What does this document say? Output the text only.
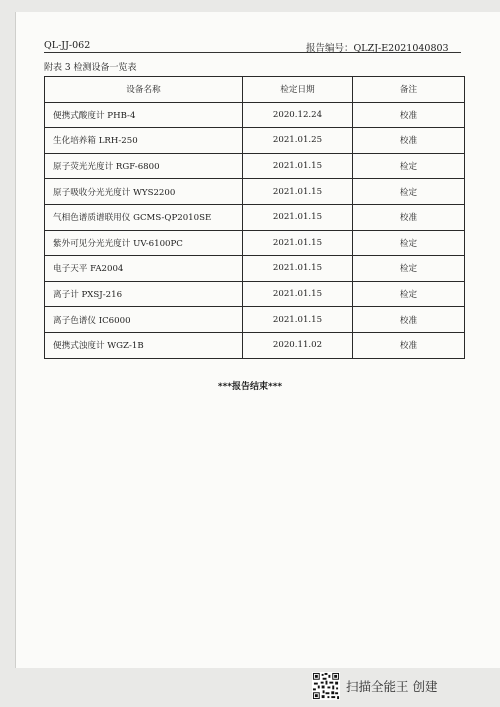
QL-JJ-062	报告编号：QLZJ-E2021040803
附表 3 检测设备一览表
设备名称	检定日期	备注
便携式酸度计 PHB-4	2020.12.24	校准
生化培养箱 LRH-250	2021.01.25	校准
原子荧光光度计 RGF-6800	2021.01.15	检定
原子吸收分光光度计 WYS2200	2021.01.15	检定
气相色谱质谱联用仪 GCMS-QP2010SE	2021.01.15	校准
紫外可见分光光度计 UV-6100PC	2021.01.15	检定
电子天平 FA2004	2021.01.15	检定
离子计 PXSJ-216	2021.01.15	检定
离子色谱仪 IC6000	2021.01.15	校准
便携式浊度计 WGZ-1B	2020.11.02	校准
***报告结束***
扫描全能王 创建
